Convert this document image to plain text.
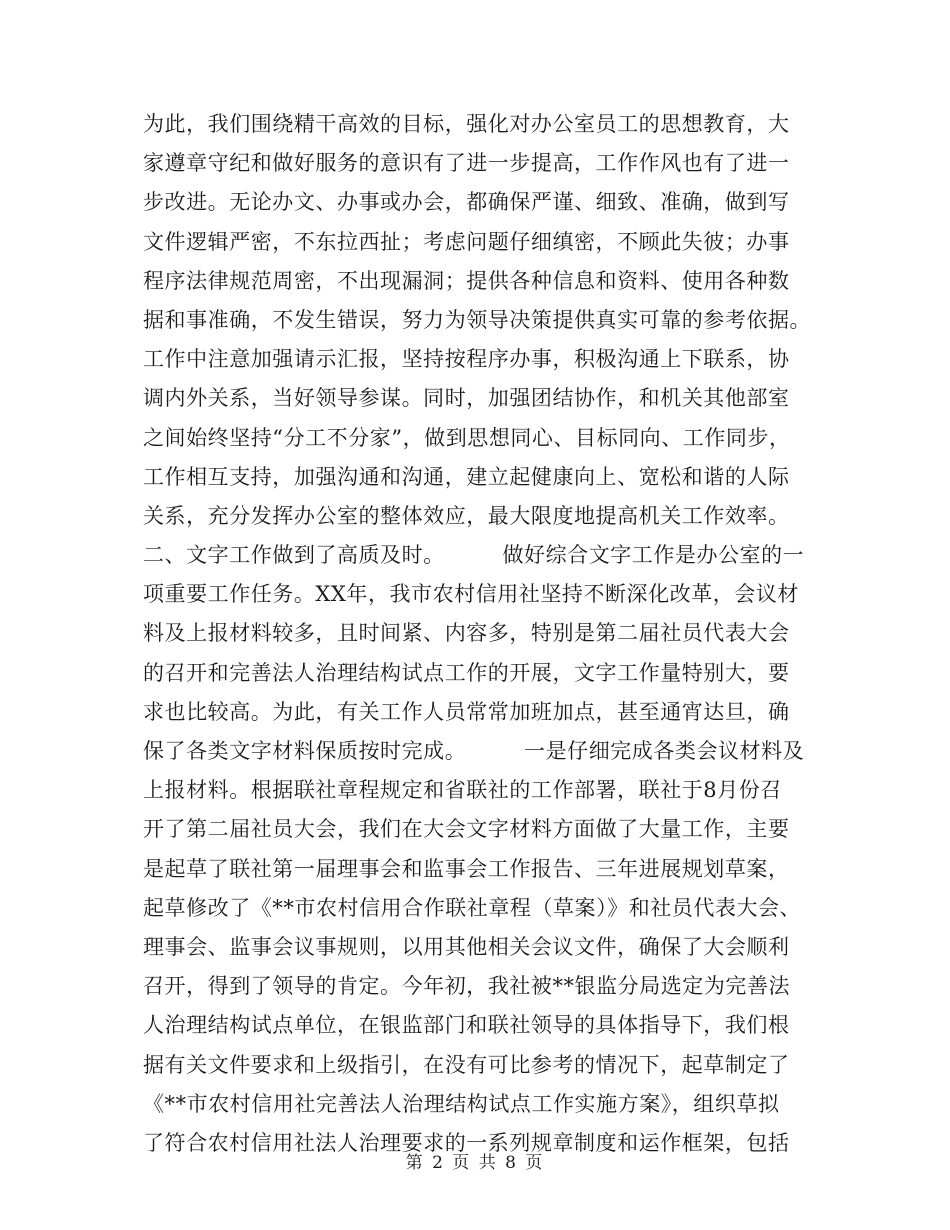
为此，我们围绕精干高效的目标，强化对办公室员工的思想教育，大
家遵章守纪和做好服务的意识有了进一步提高，工作作风也有了进一
步改进。无论办文、办事或办会，都确保严谨、细致、准确，做到写
文件逻辑严密，不东拉西扯；考虑问题仔细缜密，不顾此失彼；办事
程序法律规范周密，不出现漏洞；提供各种信息和资料、使用各种数
据和事准确，不发生错误，努力为领导决策提供真实可靠的参考依据。
工作中注意加强请示汇报，坚持按程序办事，积极沟通上下联系，协
调内外关系，当好领导参谋。同时，加强团结协作，和机关其他部室
之间始终坚持“分工不分家”，做到思想同心、目标同向、工作同步，
工作相互支持，加强沟通和沟通，建立起健康向上、宽松和谐的人际
关系，充分发挥办公室的整体效应，最大限度地提高机关工作效率。
二、文字工作做到了高质及时。        做好综合文字工作是办公室的一
项重要工作任务。XX年，我市农村信用社坚持不断深化改革，会议材
料及上报材料较多，且时间紧、内容多，特别是第二届社员代表大会
的召开和完善法人治理结构试点工作的开展，文字工作量特别大，要
求也比较高。为此，有关工作人员常常加班加点，甚至通宵达旦，确
保了各类文字材料保质按时完成。        一是仔细完成各类会议材料及
上报材料。根据联社章程规定和省联社的工作部署，联社于8月份召
开了第二届社员大会，我们在大会文字材料方面做了大量工作，主要
是起草了联社第一届理事会和监事会工作报告、三年进展规划草案，
起草修改了《**市农村信用合作联社章程（草案）》和社员代表大会、
理事会、监事会议事规则，以用其他相关会议文件，确保了大会顺利
召开，得到了领导的肯定。今年初，我社被**银监分局选定为完善法
人治理结构试点单位，在银监部门和联社领导的具体指导下，我们根
据有关文件要求和上级指引，在没有可比参考的情况下，起草制定了
《**市农村信用社完善法人治理结构试点工作实施方案》，组织草拟
了符合农村信用社法人治理要求的一系列规章制度和运作框架，包括
第 2 页 共 8 页
